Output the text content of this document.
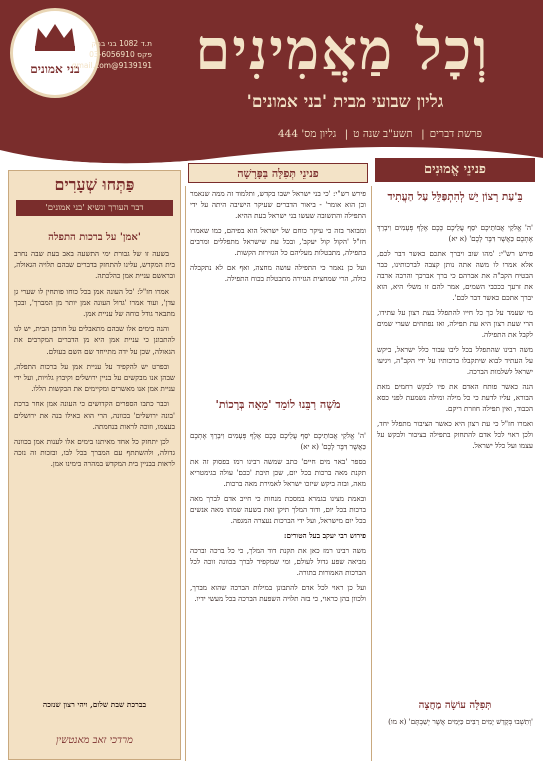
וְכָל מַאֲמִינִים
גליון שבועי מבית 'בני אמונים'
פרשת דברים| תשע"ב שנה ט| גליון מס' 444
בני אמונים
ת.ד 1082 בני ברק
פקס 03-6056910
9139191@gmail.com
פנינֵי אֱמוּנִים
בֵּ'עַת רָצוֹן יֵשׁ לְהִתְפַּלֵּל עַל הַעֲתִיד

'ה' אֱלֹקֵי אֲבוֹתֵיכֶם יֹסֵף עֲלֵיכֶם כָּכֶם אֶלֶף פְּעָמִים וִיבָרֵךְ אֶתְכֶם כַּאֲשֶׁר דִּבֶּר לָכֶם' (א יא)

פירש רש"י: 'מהו שוב ויברך אתכם כאשר דבר לכם, אלא אמרו לו משה אתה נותן קצבה לברכותינו, כבר הבטיח הקב"ה את אברהם כי ברך אברכך והרבה ארבה את זרעך כככבי השמים, אמר להם זו משלי היא, הוא יברך אתכם כאשר דבר לכם'.

מי שעמד על כך כל חייו להתפלל בעת רצון על עתידו, הרי שעת רצון היא עת תפילה, ואז נפתחים שערי שמים לקבל את התפילה.

משה רבינו שהתפלל בכל ליבו עבור כלל ישראל, ביקש על העתיד לבוא שיתקבלו ברכותיו על ידי הקב"ה, ויגיעו ישראל לשלמות הברכה.

הנה כאשר פותח האדם את פיו לבקש רחמים מאת הבורא, עליו לדעת כי כל מילה ומילה נשמעת לפני כסא הכבוד, ואין תפילה חוזרת ריקם.

ואמרו חז"ל כי עת רצון היא כאשר הציבור מתפלל יחד, ולכן ראוי לכל אדם להתחזק בתפילה בציבור ולבקש על עצמו ועל כלל ישראל.

תְּפִלָּה עוֹשָׂה מַחֲצָה
'וְתִשְׁבוּ בְּקָדֵשׁ יָמִים רַבִּים כַּיָּמִים אֲשֶׁר יְשַׁבְתֶּם' (א מו)
פנינֵי תְּפִלָּה בַּפָּרָשָׁה

פירש רש"י: 'כי בני ישראל ישבו בקדש, ותלמוד זה ממה שנאמר וכן הוא אומר' - ביאור הדברים שעיקר הישיבה היתה על ידי התפילה והתשובה שעשו בני ישראל בעת ההיא.

ומבואר בזה כי עיקר כוחם של ישראל הוא בפיהם, כמו שאמרו חז"ל 'הקול קול יעקב', ובכל עת שישראל מתפללים ומרבים בתפילה, מתבטלות מעליהם כל הגזירות הקשות.

ועל כן נאמר כי התפילה עושה מחצה, ואף אם לא נתקבלה כולה, הרי שמחצית הגזירה מתבטלת בכוח התפילה.

מֹשֶׁה רַבֵּנוּ לוֹמֵד 'מֵאָה בְּרָכוֹת'

'ה' אֱלֹקֵי אֲבוֹתֵיכֶם יֹסֵף עֲלֵיכֶם כָּכֶם אֶלֶף פְּעָמִים וִיבָרֵךְ אֶתְכֶם כַּאֲשֶׁר דִּבֶּר לָכֶם' (א יא)

בספר 'באר מים חיים' כתב שמשה רבינו רמז בפסוק זה את תקנת מאה ברכות בכל יום, שכן תיבת 'ככם' עולה בגימטריא מאה, ובזה ביקש שיזכו ישראל לאמירת מאה ברכות.

ובאמת מצינו בגמרא במסכת מנחות כי חייב אדם לברך מאה ברכות בכל יום, ודוד המלך תיקן זאת בשעה שמתו מאה אנשים בכל יום מישראל, ועל ידי הברכות נעצרה המגפה.

פירוש רבי יעקב בעל הטורים:

משה רבינו רמז כאן את תקנת דוד המלך, כי כל ברכה וברכה מביאה שפע גדול לעולם, ומי שמקפיד לברך בכוונה זוכה לכל הברכות האמורות בתורה.

ועל כן ראוי לכל אדם להתבונן במילות הברכה שהוא מברך, ולכוון בהן כראוי, כי בזה תלויה השפעת הברכה בכל מעשי ידיו.

פַּתְּחוּ שְׁעָרִים
דבר העורך ונשיא 'בני אמונים'
'אמן' על ברכות התפלה

בשעה זו של גבורת ימי התשעה באב בעת שבה נחרב בית המקדש, עלינו להתחזק בדברים שבהם תלויה הגאולה, ובראשם עניית אמן כהלכתה.

אמרו חז"ל: 'כל העונה אמן בכל כוחו פותחין לו שערי גן עדן', ועוד אמרו 'גדול העונה אמן יותר מן המברך', ובכך מתבאר גודל כוחה של עניית אמן.

והנה בימים אלו שבהם מתאבלים על חורבן הבית, יש לנו להתבונן כי עניית אמן היא מן הדברים המקרבים את הגאולה, שכן על ידה מתייחד שם השם בעולם.

ובפרט יש להקפיד על עניית אמן על ברכות התפלה, שבהן אנו מבקשים על בניין ירושלים וקיבוץ גלויות, ועל ידי עניית אמן אנו מאשרים ומקיימים את הבקשות הללו.

וכבר כתבו הספרים הקדושים כי העונה אמן אחר ברכת 'בונה ירושלים' בכוונה, הרי הוא כאילו בנה את ירושלים בעצמו, וזוכה לראות בנחמתה.

לכן יתחזק כל אחד מאיתנו בימים אלו לענות אמן בכוונה גדולה, ולהשתתף עם המברך בכל לבו, ובזכות זה נזכה לראות בבניין בית המקדש במהרה בימינו אמן.

בברכת שבת שלום, ויהי רצון שנזכה
מרדכי זאב מאנטשין
